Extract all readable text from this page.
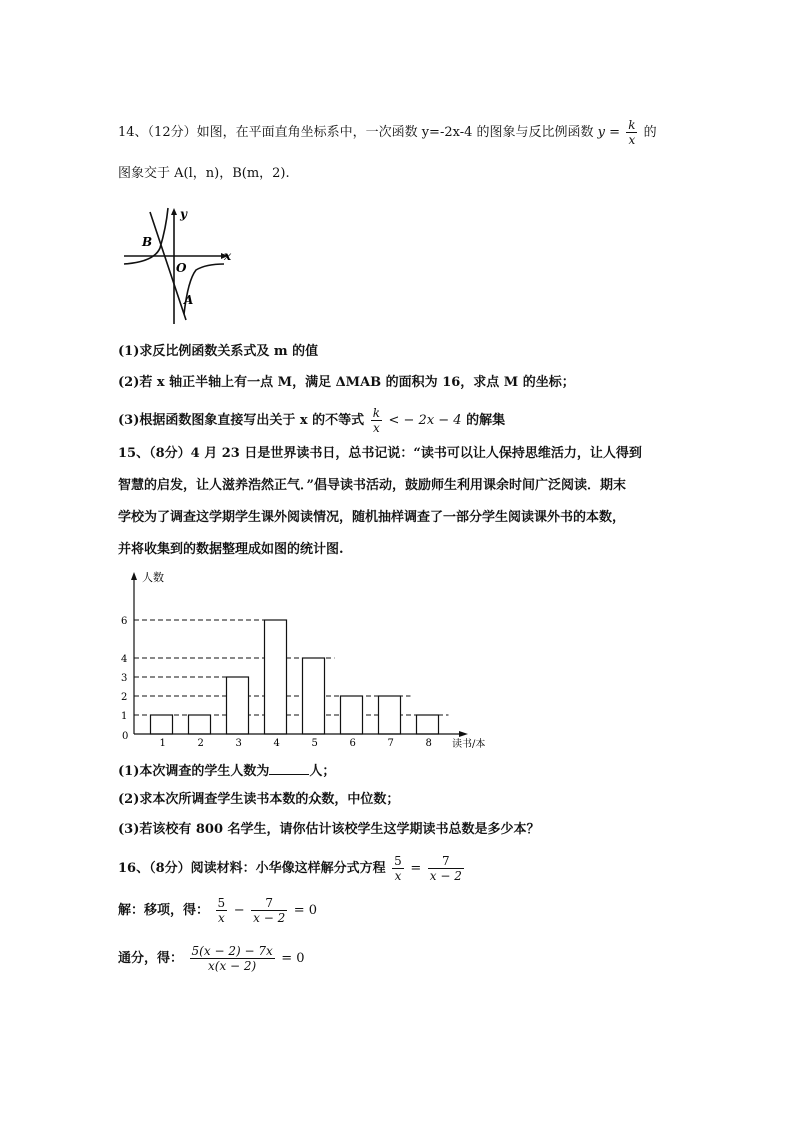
14、（12分）如图，在平面直角坐标系中，一次函数 y=-2x-4 的图象与反比例函数 $y = \frac{k}{x}$ 的
图象交于 A(l，n)，B(m，2).
y
x
O
B
A
(1)求反比例函数关系式及 m 的值
(2)若 x 轴正半轴上有一点 M，满足 ΔMAB 的面积为 16，求点 M 的坐标；
(3)根据函数图象直接写出关于 x 的不等式 $\frac{k}{x}$ < − 2x − 4 的解集
15、（8分）4 月 23 日是世界读书日，总书记说：“读书可以让人保持思维活力，让人得到
智慧的启发，让人滋养浩然正气．”倡导读书活动，鼓励师生利用课余时间广泛阅读．期末
学校为了调查这学期学生课外阅读情况，随机抽样调查了一部分学生阅读课外书的本数，
并将收集到的数据整理成如图的统计图.
人数
读书/本
0
1
2
3
4
6
1	2	3	4	5	6	7	8
(1)本次调查的学生人数为	人；
(2)求本次所调查学生读书本数的众数，中位数；
(3)若该校有 800 名学生，请你估计该校学生这学期读书总数是多少本？
16、（8分）阅读材料：小华像这样解分式方程 $\frac{5}{x} = \frac{7}{x - 2}$
解：移项，得： $\frac{5}{x} - \frac{7}{x - 2} = 0$
通分，得： $\frac{5(x - 2) - 7x}{x(x - 2)} = 0$
